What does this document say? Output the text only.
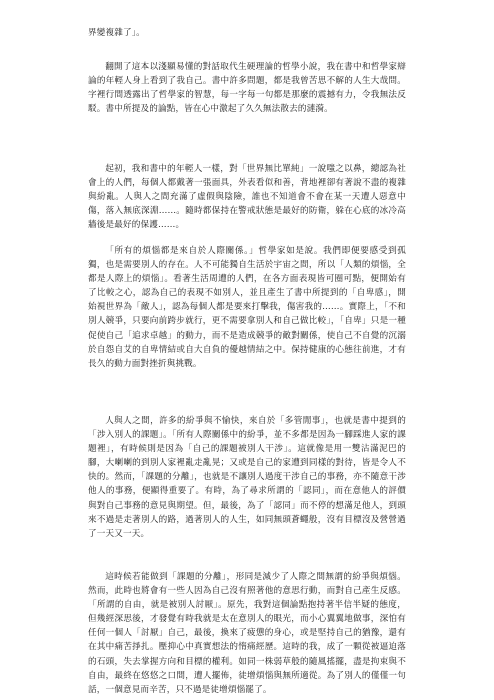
界變複雜了」。

翻開了這本以淺顯易懂的對話取代生硬理論的哲學小說，我在書中和哲學家辯論的年輕人身上看到了我自己。書中許多問題，都是我曾苦思不解的人生大哉問。字裡行間透露出了哲學家的智慧，每一字每一句都是那麼的震撼有力，令我無法反駁。書中所提及的論點，皆在心中激起了久久無法散去的漣漪。

起初，我和書中的年輕人一樣，對「世界無比單純」一說嗤之以鼻，總認為社會上的人們，每個人都戴著一張面具，外表看似和善，背地裡卻有著說不盡的複雜與紛亂。人與人之間充滿了虛假與陰險，誰也不知道會不會在某一天遭人惡意中傷，落入無底深淵……。隨時都保持在警戒狀態是最好的防衛，躲在心底的冰冷高牆後是最好的保護……。

「所有的煩惱都是來自於人際關係。」哲學家如是說。我們即便要感受到孤獨，也是需要別人的存在。人不可能獨自生活於宇宙之間，所以「人類的煩惱，全都是人際上的煩惱」。看著生活周遭的人們，在各方面表現皆可圈可點，便開始有了比較之心，認為自己的表現不如別人，並且產生了書中所提到的「自卑感」，開始視世界為「敵人」，認為每個人都是要來打擊我，傷害我的……。實際上，「不和別人競爭，只要向前跨步就行，更不需要拿別人和自己做比較」，「自卑」只是一種促使自己「追求卓越」的動力，而不是造成競爭的敵對關係，使自己不自覺的沉溺於自怨自艾的自卑情結或自大自負的優越情結之中。保持健康的心態往前進，才有長久的動力面對挫折與挑戰。

人與人之間，許多的紛爭與不愉快，來自於「多管閒事」，也就是書中提到的「涉入別人的課題」。「所有人際關係中的紛爭，並不多都是因為一腳踩進人家的課題裡」，有時候則是因為「自己的課題被別人干涉」。這就像是用一雙沾滿泥巴的腳，大喇喇的到別人家裡亂走亂晃；又或是自己的家遭到同樣的對待，皆是令人不快的。然而，「課題的分離」，也就是不讓別人過度干涉自己的事務，亦不隨意干涉他人的事務，便顯得重要了。有時，為了尋求所謂的「認同」，而在意他人的評價與對自己事務的意見與期望。但，最後，為了「認同」而不停的想滿足他人，到頭來不過是走著別人的路，過著別人的人生，如同無頭蒼蠅般，沒有目標沒及營營過了一天又一天。

這時候若能做到「課題的分離」，形同是減少了人際之間無謂的紛爭與煩惱。然而，此時也將會有一些人因為自己沒有照著他的意思行動，而對自己產生反感。「所謂的自由，就是被別人討厭」。原先，我對這個論點抱持著半信半疑的態度，但幾經深思後，才發覺有時我就是太在意別人的眼光，而小心翼翼地做事，深怕有任何一個人「討厭」自己，最後，換來了疲憊的身心，或是堅持自己的猶豫，還有在其中痛苦掙扎。壓抑心中真實想法的惰痛經歷。這時的我，成了一顆從被逼迫落的石頭，失去掌握方向和目標的權利。如同一株弱草般的隨風搖擺，盡是拘束與不自由，最終在悠悠之口間，遭人擺佈，徒增煩惱與無所適從。為了別人的僅僅一句話，一個意見而辛苦，只不過是徒增煩惱罷了。
